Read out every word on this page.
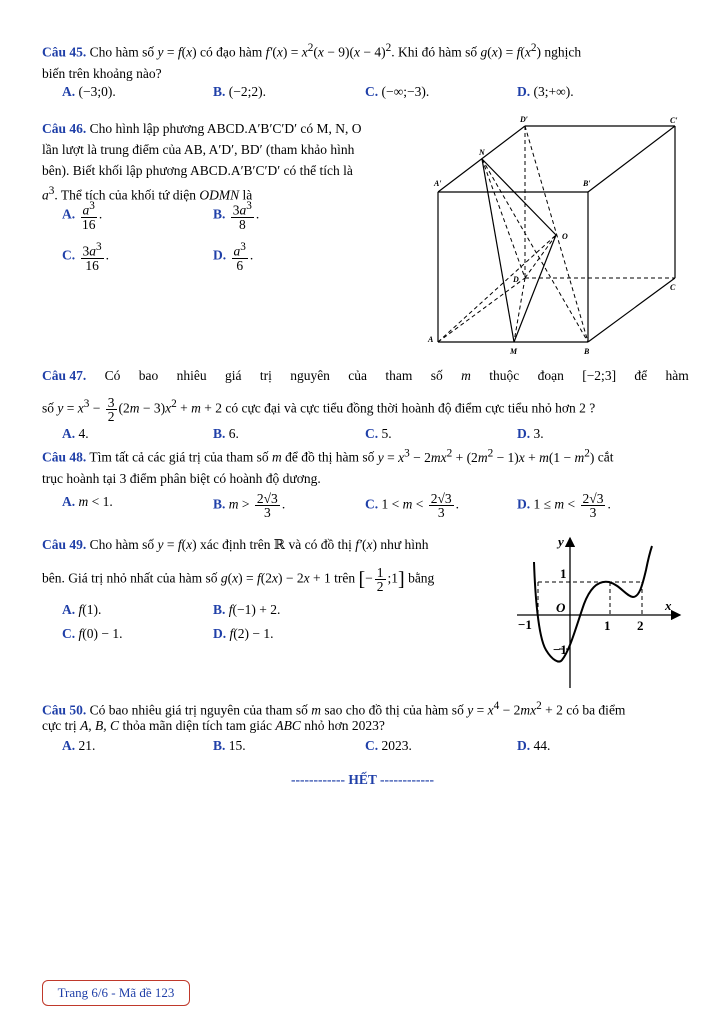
Câu 45. Cho hàm số y = f(x) có đạo hàm $f'(x) = x^2(x - 9)(x - 4)^2$. Khi đó hàm số $g(x) = f(x^2)$ nghịch
biến trên khoảng nào?
A. (−3;0).	B. (−2;2).	C. (−∞;−3).	D. (3;+∞).
Câu 46. Cho hình lập phương ABCD.A′B′C′D′ có M, N, O
lần lượt là trung điểm của AB, A′D′, BD′ (tham khảo hình
bên). Biết khối lập phương ABCD.A′B′C′D′ có thể tích là
$a^3$. Thể tích của khối tứ diện ODMN là
A. $\frac{a^3}{16}$ .	B. $\frac{3a^3}{8}$ .
C. $\frac{3a^3}{16}$ .	D. $\frac{a^3}{6}$ .
D′	C′
N
A′	B′
O
D
C
A
M	B
Câu 47. Có bao nhiêu giá trị nguyên của tham số m thuộc đoạn [−2;3] để hàm
số $y = x^3 - \frac{3}{2} (2m - 3)x^2 + m + 2$ có cực đại và cực tiểu đồng thời hoành độ điểm cực tiểu nhỏ hơn 2 ?
A. 4.	B. 6.	C. 5.	D. 3.
Câu 48. Tìm tất cả các giá trị của tham số m để đồ thị hàm số $y = x^3 - 2mx^2 + (2m^2 - 1)x + m(1 - m^2)$ cắt
trục hoành tại 3 điểm phân biệt có hoành độ dương.
A. m < 1.	B. $m > \frac{2√3}{3}$ .	C. $1 < m < \frac{2√3}{3}$ .	D. $1 \le m < \frac{2√3}{3}$ .
Câu 49. Cho hàm số y = f(x) xác định trên ℝ và có đồ thị f′(x) như hình
bên. Giá trị nhỏ nhất của hàm số g(x) = f(2x) − 2x + 1 trên [− $\frac{1}{2}$ ;1] bằng
A. f(1).	B. f(−1) + 2.
C. f(0) − 1.	D. f(2) − 1.
y
x
O
1
−1
−1
1 2
Câu 50. Có bao nhiêu giá trị nguyên của tham số m sao cho đồ thị của hàm số $y = x^4 - 2mx^2 + 2$ có ba điểm
cực trị A, B, C thỏa mãn diện tích tam giác ABC nhỏ hơn 2023?
A. 21.	B. 15.	C. 2023.	D. 44.
------------ HẾT ------------
Trang 6/6 - Mã đề 123
